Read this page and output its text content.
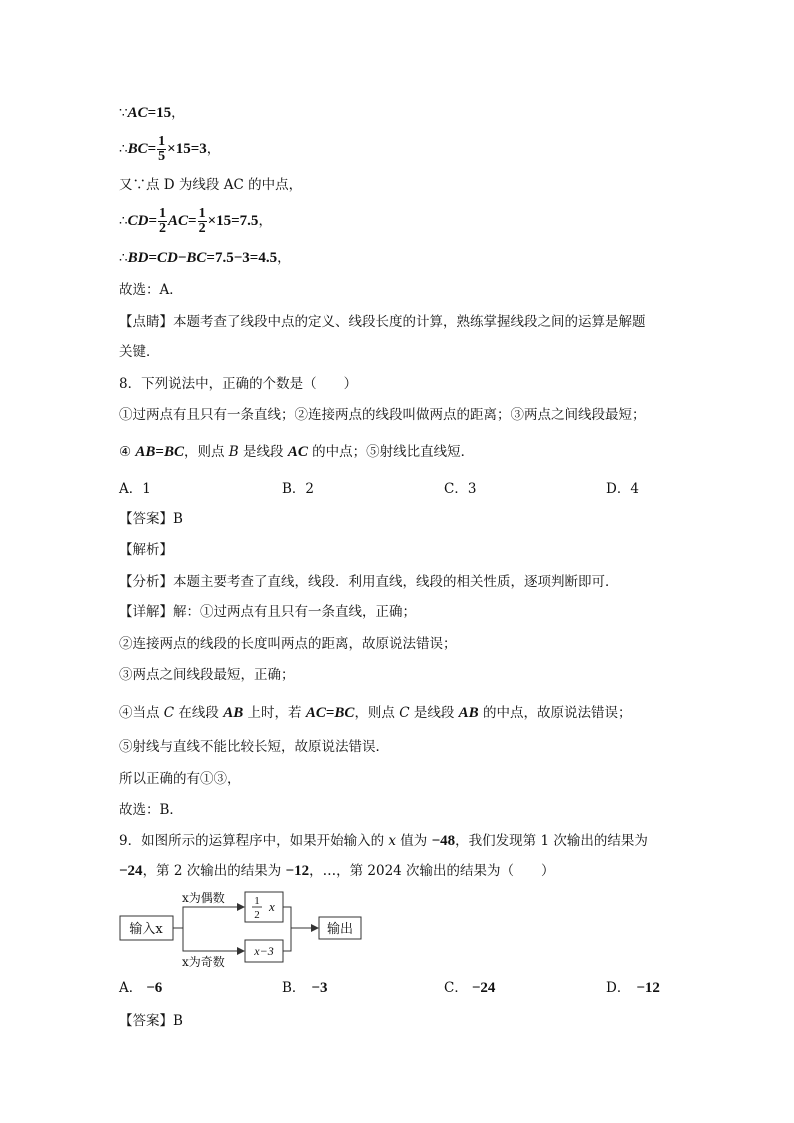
∵AC=15，
∴BC= $\frac{1}{5} \times 15=3$，
又∵点 D 为线段 AC 的中点，
∴CD= $\frac{1}{2} AC= \frac{1}{2} \times 15=7.5$，
∴BD=CD−BC=7.5−3=4.5，
故选：A．
【点睛】本题考查了线段中点的定义、线段长度的计算，熟练掌握线段之间的运算是解题
关键．
8．下列说法中，正确的个数是（　　）
①过两点有且只有一条直线；②连接两点的线段叫做两点的距离；③两点之间线段最短；
④ AB=BC，则点 B 是线段 AC 的中点；⑤射线比直线短．
A．1	B．2	C．3	D．4
【答案】B
【解析】
【分析】本题主要考查了直线，线段．利用直线，线段的相关性质，逐项判断即可．
【详解】解：①过两点有且只有一条直线，正确；
②连接两点的线段的长度叫两点的距离，故原说法错误；
③两点之间线段最短，正确；
④当点 C 在线段 AB 上时，若 AC=BC，则点 C 是线段 AB 的中点，故原说法错误；
⑤射线与直线不能比较长短，故原说法错误．
所以正确的有①③，
故选：B．
9．如图所示的运算程序中，如果开始输入的 x 值为 −48，我们发现第 1 次输出的结果为
−24，第 2 次输出的结果为 −12，…，第 2024 次输出的结果为（　　）
输入x
x为偶数
x为奇数
1
2
x
x−3
输出
A． −6	B． −3	C． −24	D． −12
【答案】B
